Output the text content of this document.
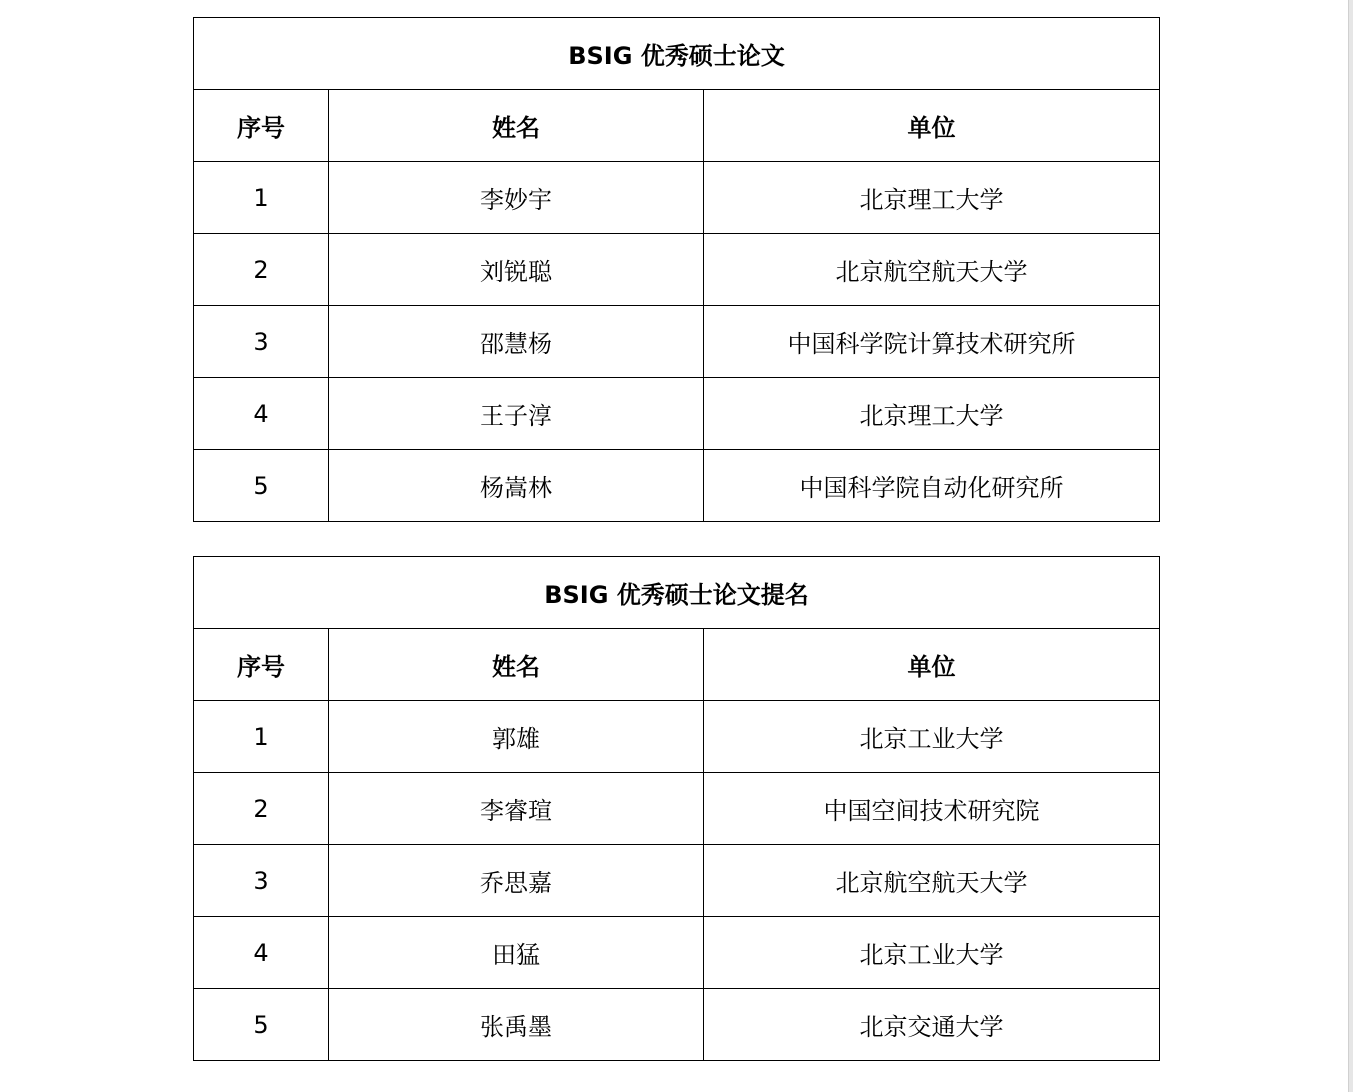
BSIG 优秀硕士论文		
序号	姓名	单位
1	李妙宇	北京理工大学
2	刘锐聪	北京航空航天大学
3	邵慧杨	中国科学院计算技术研究所
4	王子淳	北京理工大学
5	杨嵩林	中国科学院自动化研究所
BSIG 优秀硕士论文提名		
序号	姓名	单位
1	郭雄	北京工业大学
2	李睿瑄	中国空间技术研究院
3	乔思嘉	北京航空航天大学
4	田猛	北京工业大学
5	张禹墨	北京交通大学
